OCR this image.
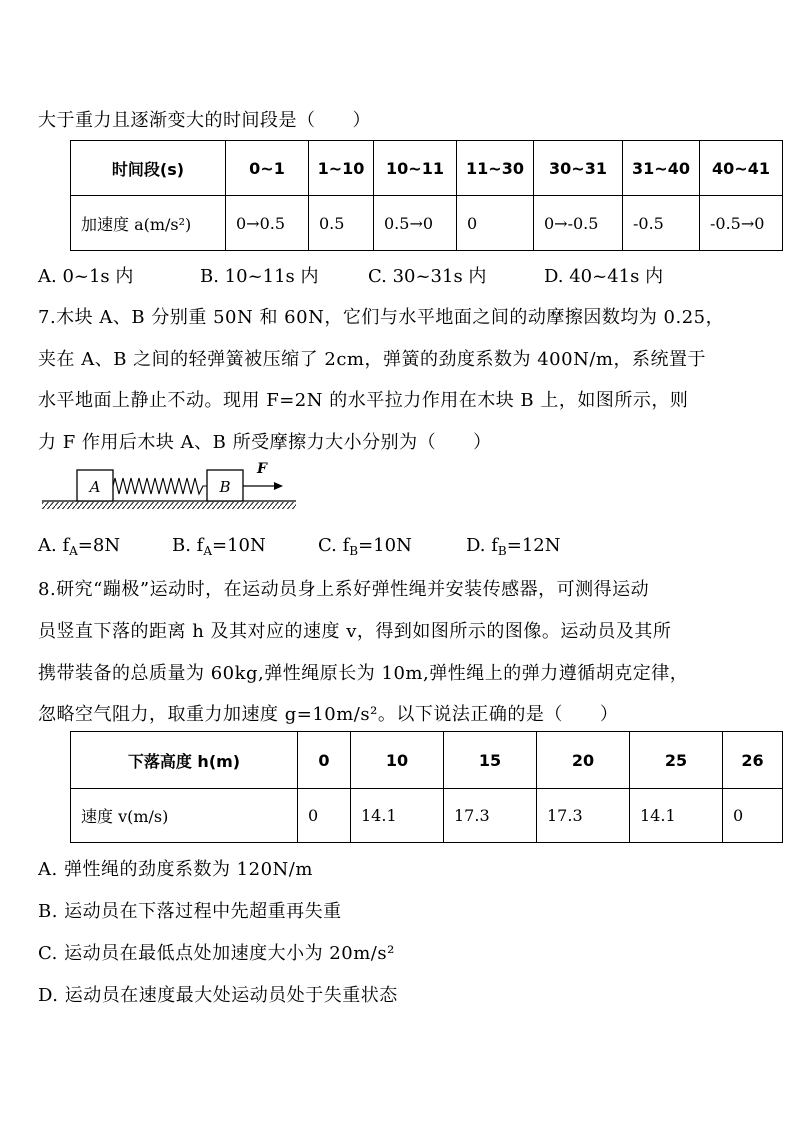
大于重力且逐渐变大的时间段是（　　）
时间段(s)	0~1	1~10	10~11	11~30	30~31	31~40	40~41
加速度 a(m/s²)	0→0.5	0.5	0.5→0	0	0→-0.5	-0.5	-0.5→0
A. 0~1s 内	B. 10~11s 内	C. 30~31s 内	D. 40~41s 内
7.木块 A、B 分别重 50N 和 60N，它们与水平地面之间的动摩擦因数均为 0.25，
夹在 A、B 之间的轻弹簧被压缩了 2cm，弹簧的劲度系数为 400N/m，系统置于
水平地面上静止不动。现用 F=2N 的水平拉力作用在木块 B 上，如图所示，则
力 F 作用后木块 A、B 所受摩擦力大小分别为（　　）
A	B
F
A. $f_A=8N$	B. $f_A=10N$	C. $f_B=10N$	D. $f_B=12N$
8.研究“蹦极”运动时，在运动员身上系好弹性绳并安装传感器，可测得运动
员竖直下落的距离 h 及其对应的速度 v，得到如图所示的图像。运动员及其所
携带装备的总质量为 60kg,弹性绳原长为 10m,弹性绳上的弹力遵循胡克定律，
忽略空气阻力，取重力加速度 g=10m/s²。以下说法正确的是（　　）
下落高度 h(m)	0	10	15	20	25	26
速度 v(m/s)	0	14.1	17.3	17.3	14.1	0
A. 弹性绳的劲度系数为 120N/m
B. 运动员在下落过程中先超重再失重
C. 运动员在最低点处加速度大小为 20m/s²
D. 运动员在速度最大处运动员处于失重状态
